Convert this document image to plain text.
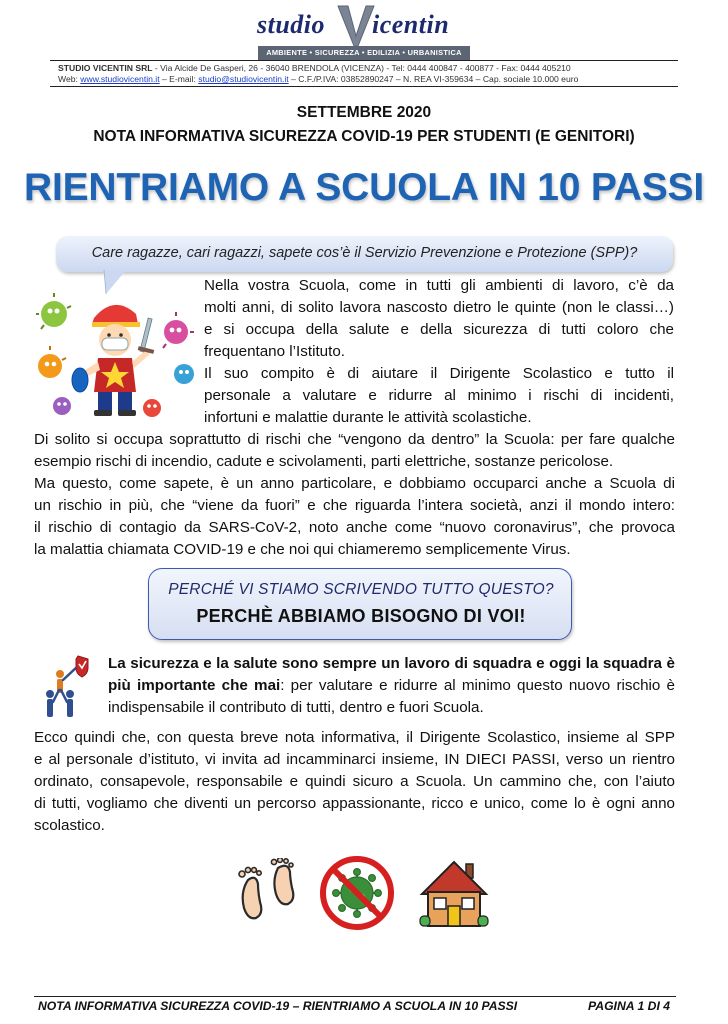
studio icentin
AMBIENTE • SICUREZZA • EDILIZIA • URBANISTICA
STUDIO VICENTIN SRL - Via Alcide De Gasperi, 26 - 36040 BRENDOLA (VICENZA) - Tel: 0444 400847 - 400877 - Fax: 0444 405210
Web: www.studiovicentin.it – E-mail: studio@studiovicentin.it – C.F./P.IVA: 03852890247 – N. REA VI-359634 – Cap. sociale 10.000 euro
SETTEMBRE 2020
NOTA INFORMATIVA SICUREZZA COVID-19 PER STUDENTI (E GENITORI)
RIENTRIAMO A SCUOLA IN 10 PASSI
Care ragazze, cari ragazzi, sapete cos’è il Servizio Prevenzione e Protezione (SPP)?
Nella vostra Scuola, come in tutti gli ambienti di lavoro, c’è da
molti anni, di solito lavora nascosto dietro le quinte (non le classi…)
e si occupa della salute e della sicurezza di tutti coloro che
frequentano l’Istituto.
Il suo compito è di aiutare il Dirigente Scolastico e tutto il
personale a valutare e ridurre al minimo i rischi di incidenti,
infortuni e malattie durante le attività scolastiche.
Di solito si occupa soprattutto di rischi che “vengono da dentro” la Scuola: per fare qualche
esempio rischi di incendio, cadute e scivolamenti, parti elettriche, sostanze pericolose.
Ma questo, come sapete, è un anno particolare, e dobbiamo occuparci anche a Scuola di
un rischio in più, che “viene da fuori” e che riguarda l’intera società, anzi il mondo intero:
il rischio di contagio da SARS-CoV-2, noto anche come “nuovo coronavirus”, che provoca
la malattia chiamata COVID-19 e che noi qui chiameremo semplicemente Virus.
PERCHÉ VI STIAMO SCRIVENDO TUTTO QUESTO?
PERCHÈ ABBIAMO BISOGNO DI VOI!
La sicurezza e la salute sono sempre un lavoro di squadra e oggi la squadra è
più importante che mai: per valutare e ridurre al minimo questo nuovo rischio è
indispensabile il contributo di tutti, dentro e fuori Scuola.
Ecco quindi che, con questa breve nota informativa, il Dirigente Scolastico, insieme al SPP
e al personale d’istituto, vi invita ad incamminarci insieme, IN DIECI PASSI, verso un rientro
ordinato, consapevole, responsabile e quindi sicuro a Scuola. Un cammino che, con l’aiuto
di tutti, vogliamo che diventi un percorso appassionante, ricco e unico, come lo è ogni anno
scolastico.
NOTA INFORMATIVA SICUREZZA COVID-19 – RIENTRIAMO A SCUOLA IN 10 PASSI	PAGINA 1 DI 4
